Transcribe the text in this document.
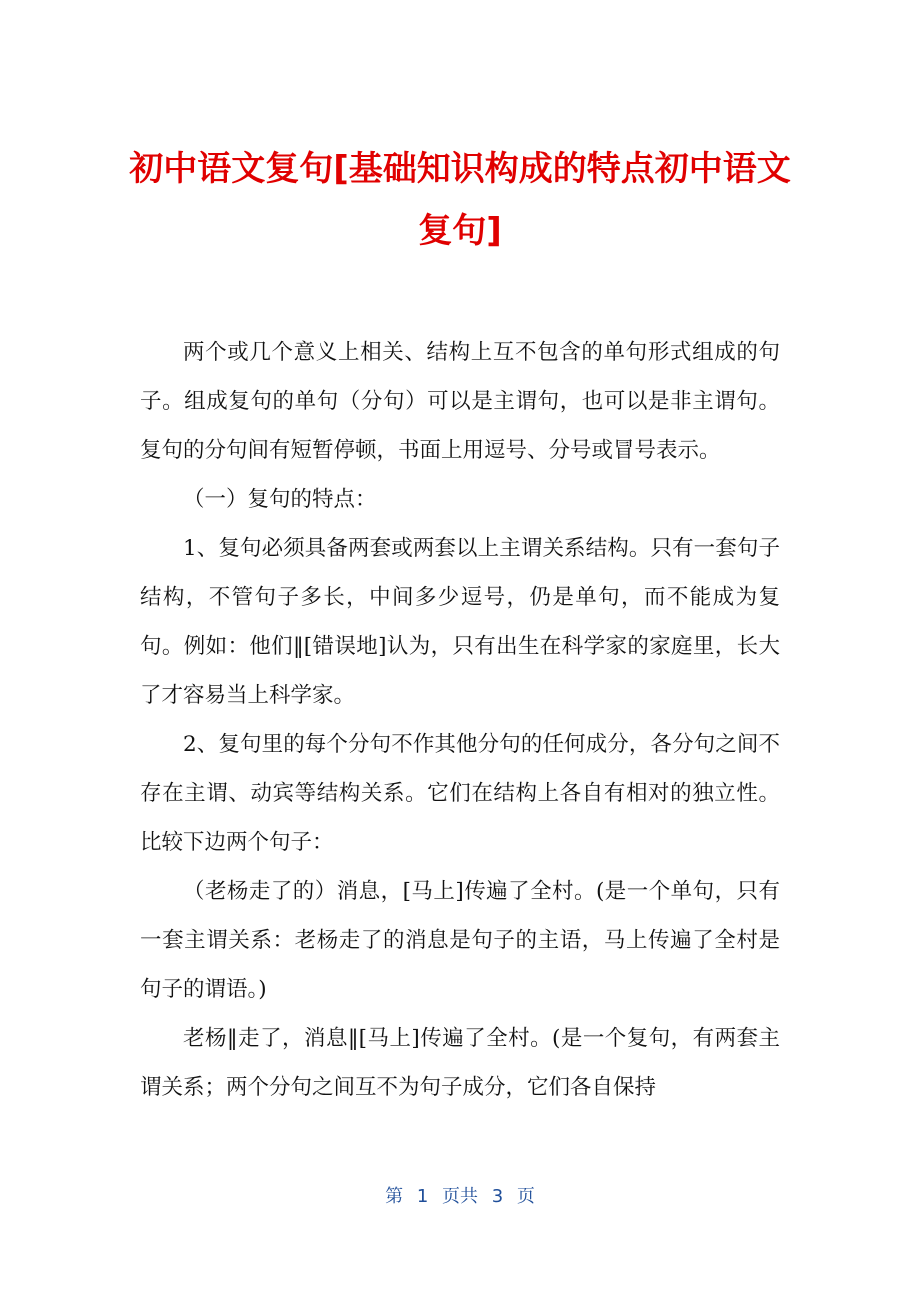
初中语文复句[基础知识构成的特点初中语文复句]

两个或几个意义上相关、结构上互不包含的单句形式组成的句子。组成复句的单句（分句）可以是主谓句，也可以是非主谓句。复句的分句间有短暂停顿，书面上用逗号、分号或冒号表示。

（一）复句的特点：

1、复句必须具备两套或两套以上主谓关系结构。只有一套句子结构，不管句子多长，中间多少逗号，仍是单句，而不能成为复句。例如：他们‖[错误地]认为，只有出生在科学家的家庭里，长大了才容易当上科学家。

2、复句里的每个分句不作其他分句的任何成分，各分句之间不存在主谓、动宾等结构关系。它们在结构上各自有相对的独立性。比较下边两个句子：

（老杨走了的）消息，[马上]传遍了全村。(是一个单句，只有一套主谓关系：老杨走了的消息是句子的主语，马上传遍了全村是句子的谓语。)

老杨‖走了，消息‖[马上]传遍了全村。(是一个复句，有两套主谓关系；两个分句之间互不为句子成分，它们各自保持

第 1 页共 3 页
